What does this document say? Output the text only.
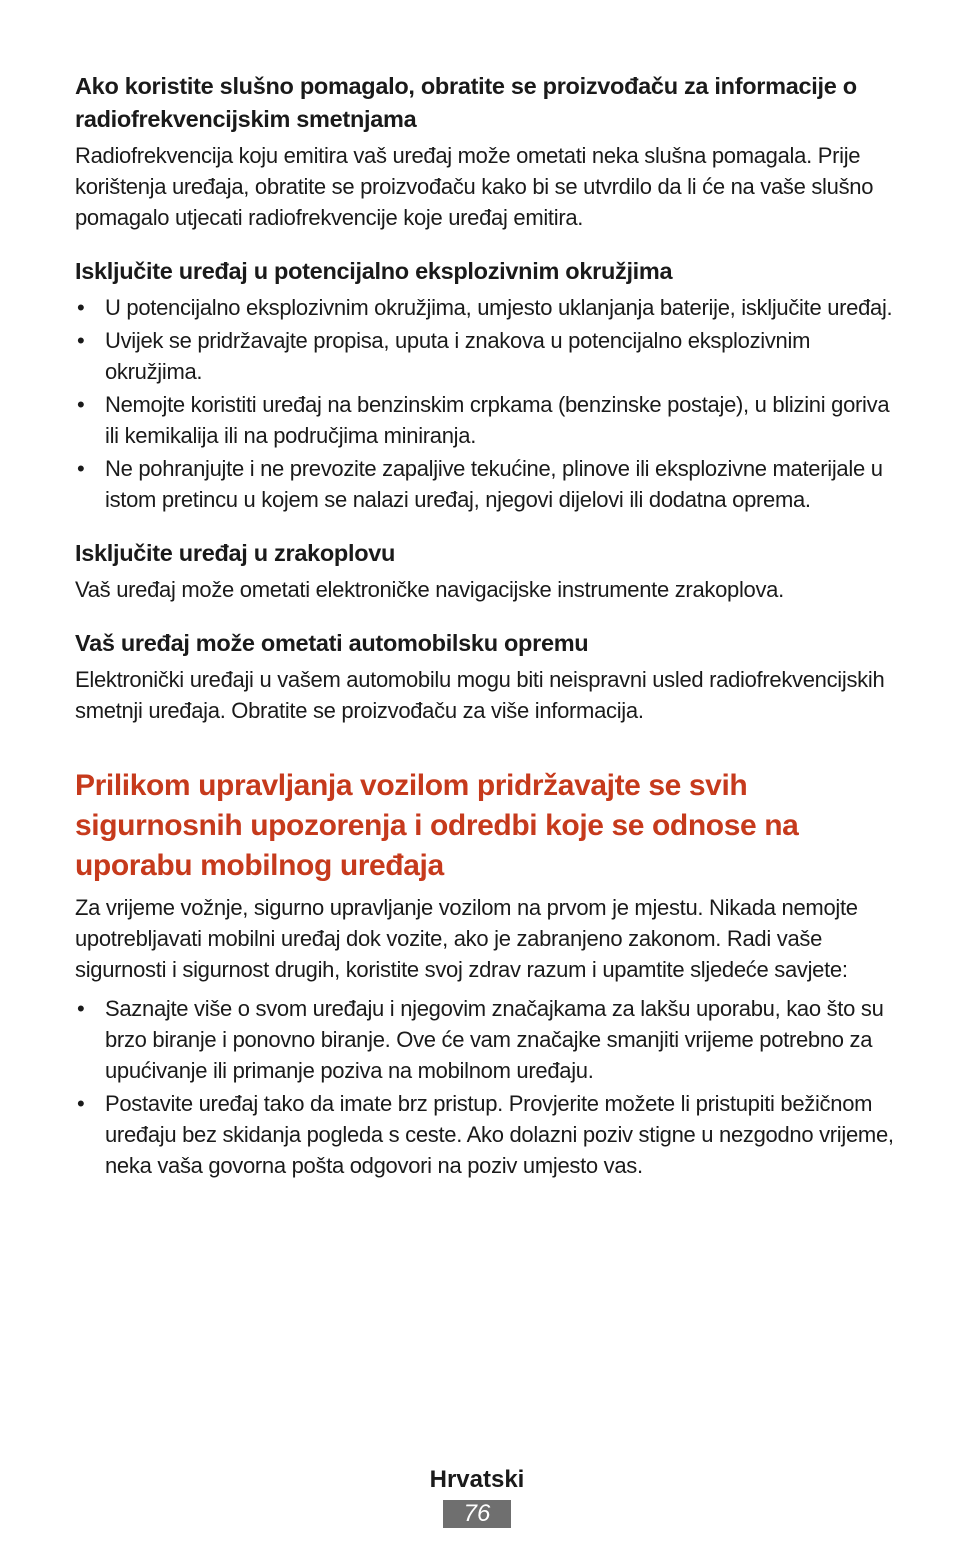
Ako koristite slušno pomagalo, obratite se proizvođaču za informacije o radiofrekvencijskim smetnjama

Radiofrekvencija koju emitira vaš uređaj može ometati neka slušna pomagala. Prije korištenja uređaja, obratite se proizvođaču kako bi se utvrdilo da li će na vaše slušno pomagalo utjecati radiofrekvencije koje uređaj emitira.

Isključite uređaj u potencijalno eksplozivnim okružjima
• U potencijalno eksplozivnim okružjima, umjesto uklanjanja baterije, isključite uređaj.
• Uvijek se pridržavajte propisa, uputa i znakova u potencijalno eksplozivnim okružjima.
• Nemojte koristiti uređaj na benzinskim crpkama (benzinske postaje), u blizini goriva ili kemikalija ili na područjima miniranja.
• Ne pohranjujte i ne prevozite zapaljive tekućine, plinove ili eksplozivne materijale u istom pretincu u kojem se nalazi uređaj, njegovi dijelovi ili dodatna oprema.
Isključite uređaj u zrakoplovu

Vaš uređaj može ometati elektroničke navigacijske instrumente zrakoplova.

Vaš uređaj može ometati automobilsku opremu

Elektronički uređaji u vašem automobilu mogu biti neispravni usled radiofrekvencijskih smetnji uređaja. Obratite se proizvođaču za više informacija.

Prilikom upravljanja vozilom pridržavajte se svih sigurnosnih upozorenja i odredbi koje se odnose na uporabu mobilnog uređaja

Za vrijeme vožnje, sigurno upravljanje vozilom na prvom je mjestu. Nikada nemojte upotrebljavati mobilni uređaj dok vozite, ako je zabranjeno zakonom. Radi vaše sigurnosti i sigurnost drugih, koristite svoj zdrav razum i upamtite sljedeće savjete:

• Saznajte više o svom uređaju i njegovim značajkama za lakšu uporabu, kao što su brzo biranje i ponovno biranje. Ove će vam značajke smanjiti vrijeme potrebno za upućivanje ili primanje poziva na mobilnom uređaju.
• Postavite uređaj tako da imate brz pristup. Provjerite možete li pristupiti bežičnom uređaju bez skidanja pogleda s ceste. Ako dolazni poziv stigne u nezgodno vrijeme, neka vaša govorna pošta odgovori na poziv umjesto vas.
Hrvatski
76
